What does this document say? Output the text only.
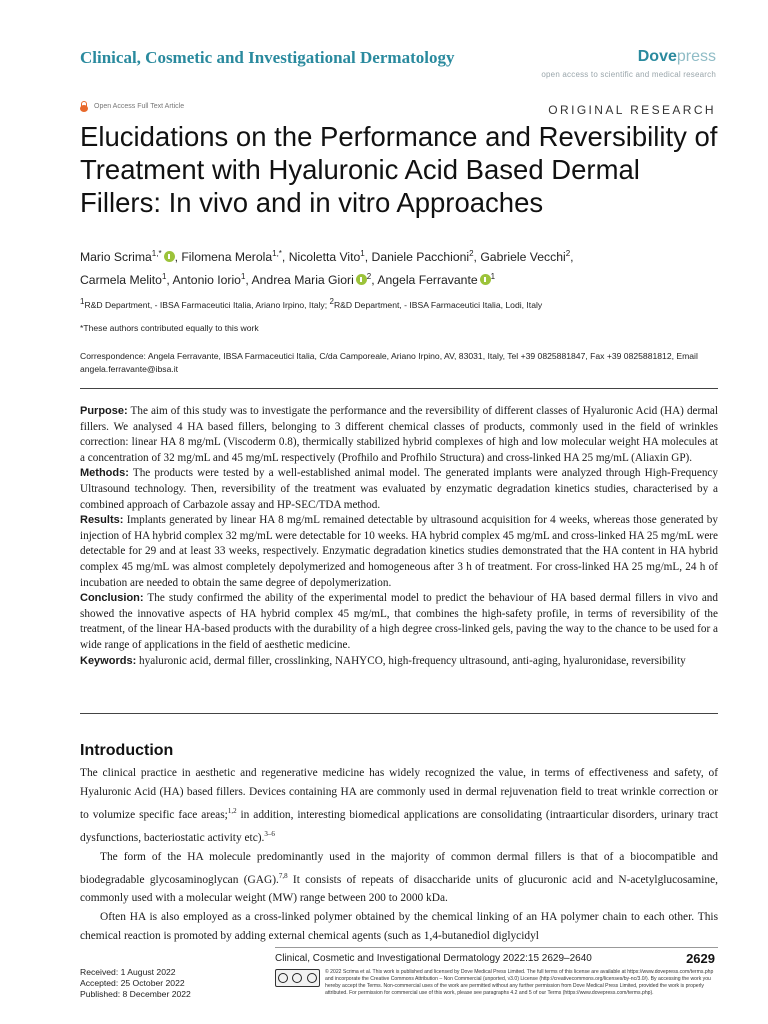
Clinical, Cosmetic and Investigational Dermatology	Dovepress
open access to scientific and medical research
Open Access Full Text Article	ORIGINAL RESEARCH
Elucidations on the Performance and Reversibility of Treatment with Hyaluronic Acid Based Dermal Fillers: In vivo and in vitro Approaches
Mario Scrima$^{1,*}$ , Filomena Merola$^{1,*}$, Nicoletta Vito$^1$, Daniele Pacchioni$^2$, Gabriele Vecchi$^2$,
Carmela Melito$^1$, Antonio Iorio$^1$, Andrea Maria Giori $^2$, Angela Ferravante $^1$
$^1$R&D Department, - IBSA Farmaceutici Italia, Ariano Irpino, Italy; $^2$R&D Department, - IBSA Farmaceutici Italia, Lodi, Italy
*These authors contributed equally to this work
Correspondence: Angela Ferravante, IBSA Farmaceutici Italia, C/da Camporeale, Ariano Irpino, AV, 83031, Italy, Tel +39 0825881847, Fax +39 0825881812, Email angela.ferravante@ibsa.it

Purpose: The aim of this study was to investigate the performance and the reversibility of different classes of Hyaluronic Acid (HA) dermal fillers. We analysed 4 HA based fillers, belonging to 3 different chemical classes of products, commonly used in the field of wrinkles correction: linear HA 8 mg/mL (Viscoderm 0.8), thermically stabilized hybrid complexes of high and low molecular weight HA molecules at a concentration of 32 mg/mL and 45 mg/mL respectively (Profhilo and Profhilo Structura) and cross-linked HA 25 mg/mL (Aliaxin GP).

Methods: The products were tested by a well-established animal model. The generated implants were analyzed through High-Frequency Ultrasound technology. Then, reversibility of the treatment was evaluated by enzymatic degradation kinetics studies, characterised by a combined approach of Carbazole assay and HP-SEC/TDA method.

Results: Implants generated by linear HA 8 mg/mL remained detectable by ultrasound acquisition for 4 weeks, whereas those generated by injection of HA hybrid complex 32 mg/mL were detectable for 10 weeks. HA hybrid complex 45 mg/mL and cross-linked HA 25 mg/mL were detectable for 29 and at least 33 weeks, respectively. Enzymatic degradation kinetics studies demonstrated that the HA content in HA hybrid complex 45 mg/mL was almost completely depolymerized and homogeneous after 3 h of treatment. For cross-linked HA 25 mg/mL, 24 h of incubation are needed to obtain the same degree of depolymerization.

Conclusion: The study confirmed the ability of the experimental model to predict the behaviour of HA based dermal fillers in vivo and showed the innovative aspects of HA hybrid complex 45 mg/mL, that combines the high-safety profile, in terms of reversibility of the treatment, of the linear HA-based products with the durability of a high degree cross-linked gels, paving the way to the chance to be used for a wide range of applications in the field of aesthetic medicine.

Keywords: hyaluronic acid, dermal filler, crosslinking, NAHYCO, high-frequency ultrasound, anti-aging, hyaluronidase, reversibility

Introduction

The clinical practice in aesthetic and regenerative medicine has widely recognized the value, in terms of effectiveness and safety, of Hyaluronic Acid (HA) based fillers. Devices containing HA are commonly used in dermal rejuvenation field to treat wrinkle correction or to volumize specific face areas;$^{1,2}$ in addition, interesting biomedical applications are consolidating (intraarticular disorders, urinary tract dysfunctions, bacteriostatic activity etc).$^{3-6}$

The form of the HA molecule predominantly used in the majority of common dermal fillers is that of a biocompatible and biodegradable glycosaminoglycan (GAG).$^{7,8}$ It consists of repeats of disaccharide units of glucuronic acid and N-acetylglucosamine, commonly used with a molecular weight (MW) range between 200 to 2000 kDa.

Often HA is also employed as a cross-linked polymer obtained by the chemical linking of an HA polymer chain to each other. This chemical reaction is promoted by adding external chemical agents (such as 1,4-butanediol diglycidyl

Received: 1 August 2022
Accepted: 25 October 2022
Published: 8 December 2022
Clinical, Cosmetic and Investigational Dermatology 2022:15 2629–2640
© 2022 Scrima et al. This work is published and licensed by Dove Medical Press Limited. The full terms of this license are available at https://www.dovepress.com/terms.php and incorporate the Creative Commons Attribution – Non Commercial (unported, v3.0) License (http://creativecommons.org/licenses/by-nc/3.0/). By accessing the work you hereby accept the Terms. Non-commercial uses of the work are permitted without any further permission from Dove Medical Press Limited, provided the work is properly attributed. For permission for commercial use of this work, please see paragraphs 4.2 and 5 of our Terms (https://www.dovepress.com/terms.php).
2629
